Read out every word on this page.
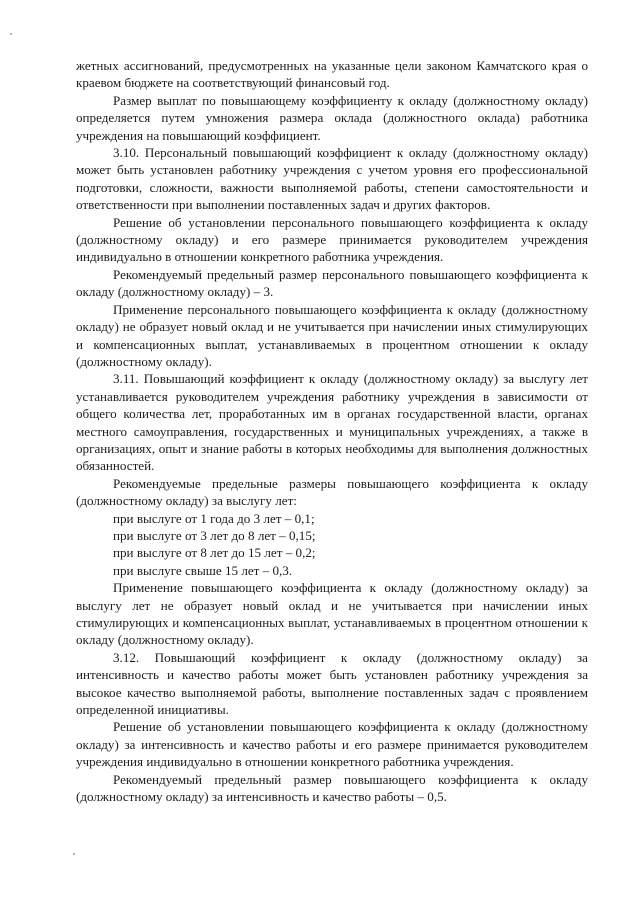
жетных ассигнований, предусмотренных на указанные цели законом Камчатского края о краевом бюджете на соответствующий финансовый год.

Размер выплат по повышающему коэффициенту к окладу (должностному окладу) определяется путем умножения размера оклада (должностного оклада) работника учреждения на повышающий коэффициент.

3.10. Персональный повышающий коэффициент к окладу (должностному окладу) может быть установлен работнику учреждения с учетом уровня его профессиональной подготовки, сложности, важности выполняемой работы, степени самостоятельности и ответственности при выполнении поставленных задач и других факторов.

Решение об установлении персонального повышающего коэффициента к окладу (должностному окладу) и его размере принимается руководителем учреждения индивидуально в отношении конкретного работника учреждения.

Рекомендуемый предельный размер персонального повышающего коэффициента к окладу (должностному окладу) – 3.

Применение персонального повышающего коэффициента к окладу (должностному окладу) не образует новый оклад и не учитывается при начислении иных стимулирующих и компенсационных выплат, устанавливаемых в процентном отношении к окладу (должностному окладу).

3.11. Повышающий коэффициент к окладу (должностному окладу) за выслугу лет устанавливается руководителем учреждения работнику учреждения в зависимости от общего количества лет, проработанных им в органах государственной власти, органах местного самоуправления, государственных и муниципальных учреждениях, а также в организациях, опыт и знание работы в которых необходимы для выполнения должностных обязанностей.

Рекомендуемые предельные размеры повышающего коэффициента к окладу (должностному окладу) за выслугу лет:

при выслуге от 1 года до 3 лет – 0,1;
при выслуге от 3 лет до 8 лет – 0,15;
при выслуге от 8 лет до 15 лет – 0,2;
при выслуге свыше 15 лет – 0,3.

Применение повышающего коэффициента к окладу (должностному окладу) за выслугу лет не образует новый оклад и не учитывается при начислении иных стимулирующих и компенсационных выплат, устанавливаемых в процентном отношении к окладу (должностному окладу).

3.12. Повышающий коэффициент к окладу (должностному окладу) за интенсивность и качество работы может быть установлен работнику учреждения за высокое качество выполняемой работы, выполнение поставленных задач с проявлением определенной инициативы.

Решение об установлении повышающего коэффициента к окладу (должностному окладу) за интенсивность и качество работы и его размере принимается руководителем учреждения индивидуально в отношении конкретного работника учреждения.

Рекомендуемый предельный размер повышающего коэффициента к окладу (должностному окладу) за интенсивность и качество работы – 0,5.
